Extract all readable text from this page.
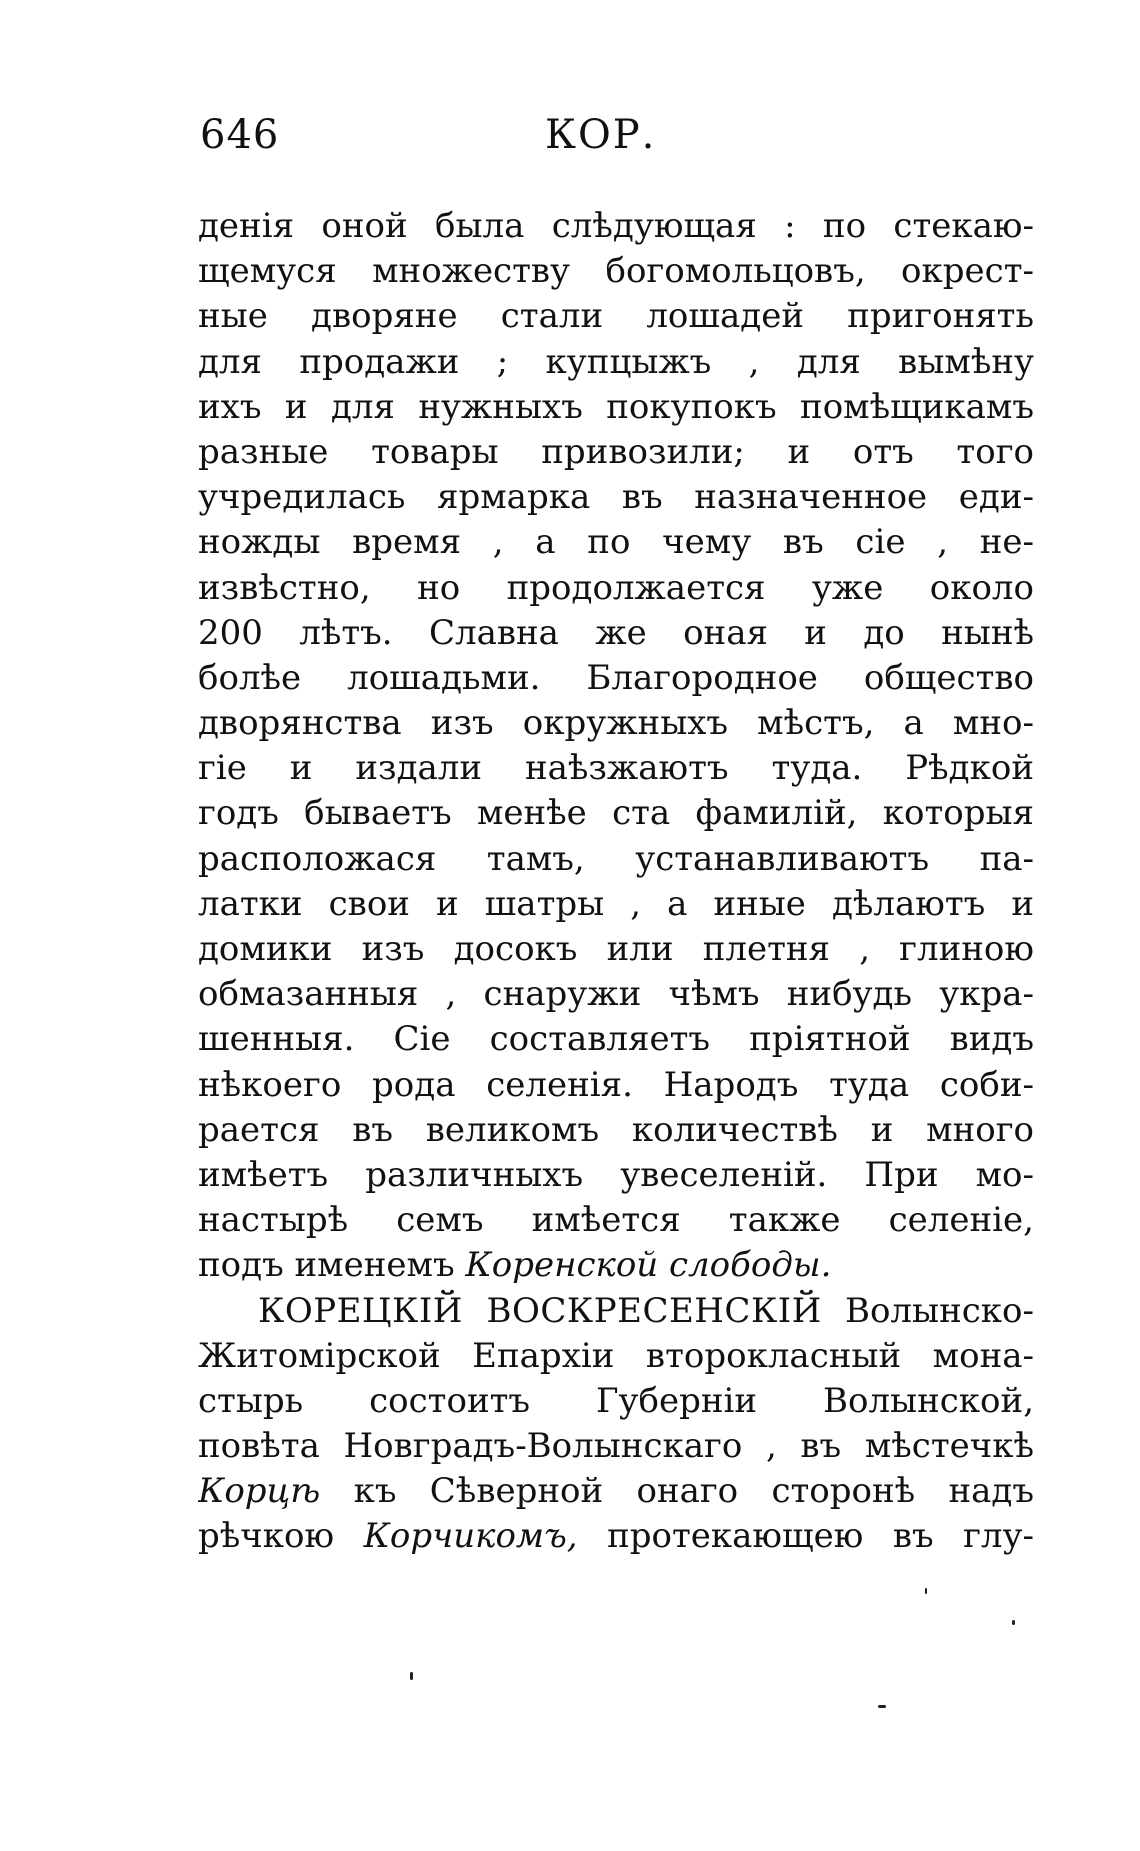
646	КОР.
денія оной была слѣдующая : по стекаю-
щемуся множеству богомольцовъ, окрест-
ные дворяне стали лошадей пригонять
для продажи ; купцыжъ , для вымѣну
ихъ и для нужныхъ покупокъ помѣщикамъ
разные товары привозили; и отъ того
учредилась ярмарка въ назначенное еди-
ножды время , а по чему въ сіе , не-
извѣстно, но продолжается уже около
200 лѣтъ. Славна же оная и до нынѣ
болѣе лошадьми. Благородное общество
дворянства изъ окружныхъ мѣстъ, а мно-
гіе и издали наѣзжаютъ туда. Рѣдкой
годъ бываетъ менѣе ста фамилій, которыя
расположася тамъ, устанавливаютъ па-
латки свои и шатры , а иные дѣлаютъ и
домики изъ досокъ или плетня , глиною
обмазанныя , снаружи чѣмъ нибудь укра-
шенныя. Сіе составляетъ пріятной видъ
нѣкоего рода селенія. Народъ туда соби-
рается въ великомъ количествѣ и много
имѣетъ различныхъ увеселеній. При мо-
настырѣ семъ имѣется также селеніе,
подъ именемъ Коренской слободы.
КОРЕЦКІЙ ВОСКРЕСЕНСКІЙ Волынско-
Житомірской Епархіи второкласный мона-
стырь состоитъ Губерніи Волынской,
повѣта Новградъ-Волынскаго , въ мѣстечкѣ
Корцѣ къ Сѣверной онаго сторонѣ надъ
рѣчкою Корчикомъ, протекающею въ глу-
